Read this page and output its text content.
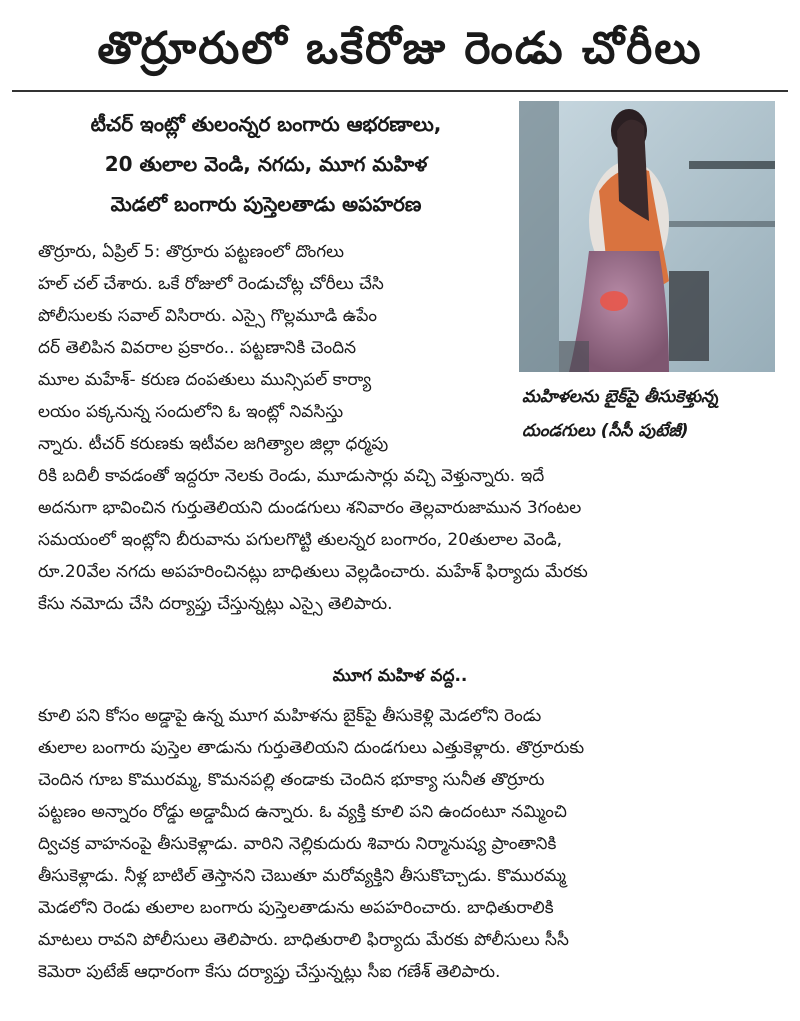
తొర్రూరులో ఒకేరోజు రెండు చోరీలు
టీచర్ ఇంట్లో తులంన్నర బంగారు ఆభరణాలు,
20 తులాల వెండి, నగదు, మూగ మహిళ
మెడలో బంగారు పుస్తెలతాడు అపహరణ
మహిళలను బైక్‌పై తీసుకెళ్తున్న
దుండగులు (సీసీ పుటేజీ)
తొర్రూరు, ఏప్రిల్ 5: తొర్రూరు పట్టణంలో దొంగలు
హల్ చల్ చేశారు. ఒకే రోజులో రెండుచోట్ల చోరీలు చేసి
పోలీసులకు సవాల్ విసిరారు. ఎస్సై గొల్లమూడి ఉపేం
దర్ తెలిపిన వివరాల ప్రకారం.. పట్టణానికి చెందిన
మూల మహేశ్- కరుణ దంపతులు మున్సిపల్ కార్యా
లయం పక్కనున్న సందులోని ఓ ఇంట్లో నివసిస్తు
న్నారు. టీచర్ కరుణకు ఇటీవల జగిత్యాల జిల్లా ధర్మపు
రికి బదిలీ కావడంతో ఇద్దరూ నెలకు రెండు, మూడుసార్లు వచ్చి వెళ్తున్నారు. ఇదే
అదనుగా భావించిన గుర్తుతెలియని దుండగులు శనివారం తెల్లవారుజామున 3గంటల
సమయంలో ఇంట్లోని బీరువాను పగులగొట్టి తులన్నర బంగారం, 20తులాల వెండి,
రూ.20వేల నగదు అపహరించినట్లు బాధితులు వెల్లడించారు. మహేశ్ ఫిర్యాదు మేరకు
కేసు నమోదు చేసి దర్యాప్తు చేస్తున్నట్లు ఎస్సై తెలిపారు.
మూగ మహిళ వద్ద..
కూలి పని కోసం అడ్డాపై ఉన్న మూగ మహిళను బైక్‌పై తీసుకెళ్లి మెడలోని రెండు
తులాల బంగారు పుస్తెల తాడును గుర్తుతెలియని దుండగులు ఎత్తుకెళ్లారు. తొర్రూరుకు
చెందిన గూబ కొమురమ్మ, కొమనపల్లి తండాకు చెందిన భూక్యా సునీత తొర్రూరు
పట్టణం అన్నారం రోడ్డు అడ్డామీద ఉన్నారు. ఓ వ్యక్తి కూలి పని ఉందంటూ నమ్మించి
ద్విచక్ర వాహనంపై తీసుకెళ్లాడు. వారిని నెల్లికుదురు శివారు నిర్మానుష్య ప్రాంతానికి
తీసుకెళ్లాడు. నీళ్ల బాటిల్ తెస్తానని చెబుతూ మరోవ్యక్తిని తీసుకొచ్చాడు. కొమురమ్మ
మెడలోని రెండు తులాల బంగారు పుస్తెలతాడును అపహరించారు. బాధితురాలికి
మాటలు రావని పోలీసులు తెలిపారు. బాధితురాలి ఫిర్యాదు మేరకు పోలీసులు సీసీ
కెమెరా పుటేజ్ ఆధారంగా కేసు దర్యాప్తు చేస్తున్నట్లు సీఐ గణేశ్ తెలిపారు.
